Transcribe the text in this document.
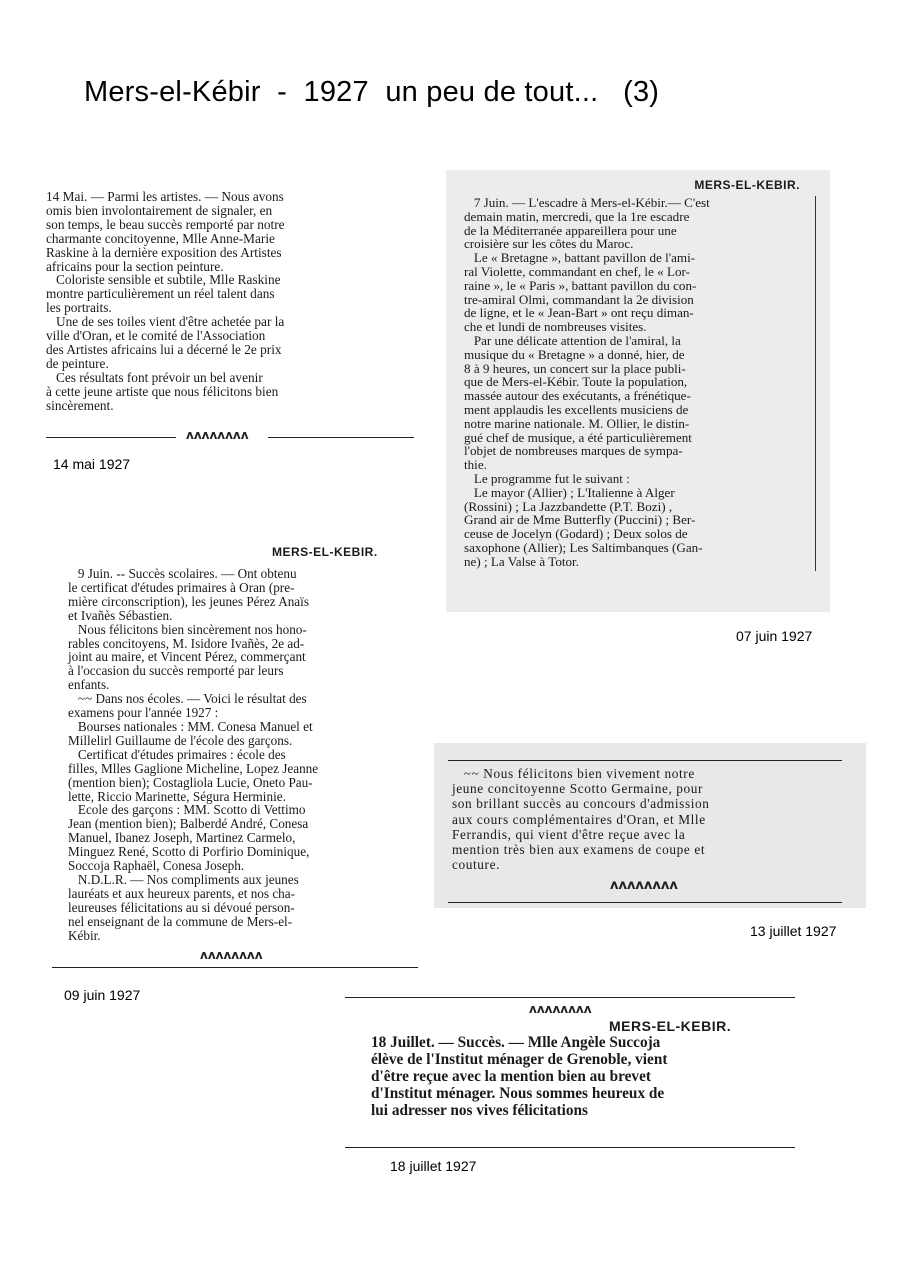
Mers-el-Kébir  -  1927  un peu de tout...   (3)

14 Mai. — Parmi les artistes. — Nous avons

omis bien involontairement de signaler, en

son temps, le beau succès remporté par notre

charmante concitoyenne, Mlle Anne-Marie

Raskine à la dernière exposition des Artistes

africains pour la section peinture.

Coloriste sensible et subtile, Mlle Raskine

montre particulièrement un réel talent dans

les portraits.

Une de ses toiles vient d'être achetée par la

ville d'Oran, et le comité de l'Association

des Artistes africains lui a décerné le 2e prix

de peinture.

Ces résultats font prévoir un bel avenir

à cette jeune artiste que nous félicitons bien

sincèrement.

ʌʌʌʌʌʌʌʌ
14 mai 1927

MERS-EL-KEBIR.

7 Juin. — L'escadre à Mers-el-Kébir.— C'est

demain matin, mercredi, que la 1re escadre

de la Méditerranée appareillera pour une

croisière sur les côtes du Maroc.

Le « Bretagne », battant pavillon de l'ami-

ral Violette, commandant en chef, le « Lor-

raine », le « Paris », battant pavillon du con-

tre-amiral Olmi, commandant la 2e division

de ligne, et le « Jean-Bart » ont reçu diman-

che et lundi de nombreuses visites.

Par une délicate attention de l'amiral, la

musique du « Bretagne » a donné, hier, de

8 à 9 heures, un concert sur la place publi-

que de Mers-el-Kébir. Toute la population,

massée autour des exécutants, a frénétique-

ment applaudis les excellents musiciens de

notre marine nationale. M. Ollier, le distin-

gué chef de musique, a été particulièrement

l'objet de nombreuses marques de sympa-

thie.

Le programme fut le suivant :

Le mayor (Allier) ; L'Italienne à Alger

(Rossini) ; La Jazzbandette (P.T. Bozi) ,

Grand air de Mme Butterfly (Puccini) ; Ber-

ceuse de Jocelyn (Godard) ; Deux solos de

saxophone (Allier); Les Saltimbanques (Gan-

ne) ; La Valse à Totor.

07 juin 1927

MERS-EL-KEBIR.

9 Juin. -- Succès scolaires. — Ont obtenu

le certificat d'études primaires à Oran (pre-

mière circonscription), les jeunes Pérez Anaïs

et Ivañès Sébastien.

Nous félicitons bien sincèrement nos hono-

rables concitoyens, M. Isidore Ivañès, 2e ad-

joint au maire, et Vincent Pérez, commerçant

à l'occasion du succès remporté par leurs

enfants.

~~ Dans nos écoles. — Voici le résultat des

examens pour l'année 1927 :

Bourses nationales : MM. Conesa Manuel et

Millelirl Guillaume de l'école des garçons.

Certificat d'études primaires : école des

filles, Mlles Gaglione Micheline, Lopez Jeanne

(mention bien); Costagliola Lucie, Oneto Pau-

lette, Riccio Marinette, Ségura Herminie.

Ecole des garçons : MM. Scotto di Vettimo

Jean (mention bien); Balberdé André, Conesa

Manuel, Ibanez Joseph, Martinez Carmelo,

Minguez René, Scotto di Porfirio Dominique,

Soccoja Raphaël, Conesa Joseph.

N.D.L.R. — Nos compliments aux jeunes

lauréats et aux heureux parents, et nos cha-

leureuses félicitations au si dévoué person-

nel enseignant de la commune de Mers-el-

Kébir.

ʌʌʌʌʌʌʌʌ
09 juin 1927

~~ Nous félicitons bien vivement notre

jeune concitoyenne Scotto Germaine, pour

son brillant succès au concours d'admission

aux cours complémentaires d'Oran, et Mlle

Ferrandis, qui vient d'être reçue avec la

mention très bien aux examens de coupe et

couture.

ʌʌʌʌʌʌʌʌ
13 juillet 1927
ʌʌʌʌʌʌʌʌ

MERS-EL-KEBIR.

18 Juillet. — Succès. — Mlle Angèle Succoja

élève de l'Institut ménager de Grenoble, vient

d'être reçue avec la mention bien au brevet

d'Institut ménager. Nous sommes heureux de

lui adresser nos vives félicitations

18 juillet 1927
